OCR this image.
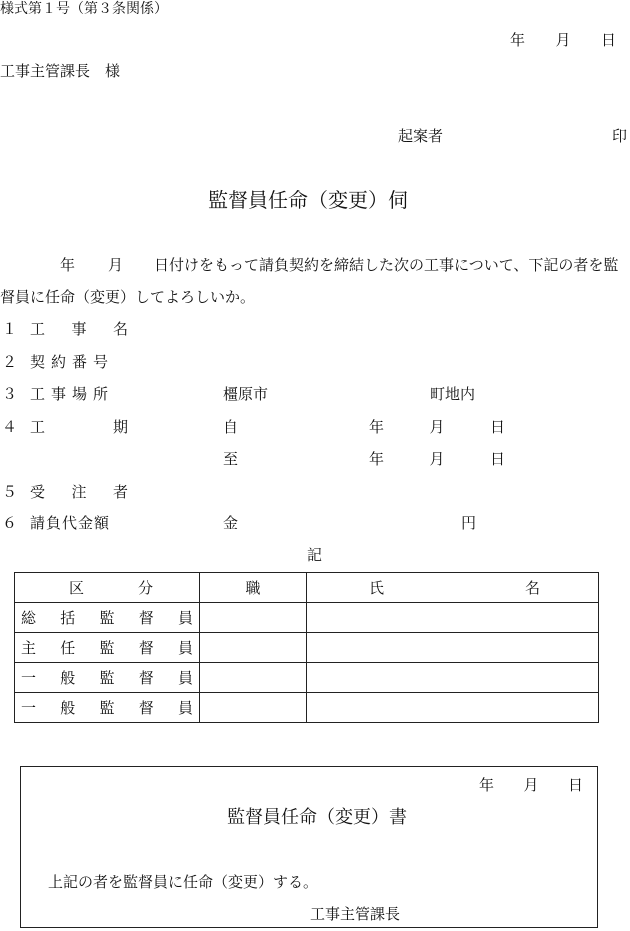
様式第１号（第３条関係）
年 月 日
工事主管課長　様
起案者	印
監督員任命（変更）伺
年 月 日付けをもって請負契約を締結した次の工事について、下記の者を監
督員に任命（変更）してよろしいか。
１ 工 事 名
２ 契約番号
３ 工事場所	橿原市	町地内
４ 工	期	自	年	月	日
至	年	月	日
５ 受 注 者
６ 請負代金額	金	円
記
区 分	職	氏 名

総 括 監 督 員		

主 任 監 督 員		

一 般 監 督 員		

一 般 監 督 員		

年 月 日
監督員任命（変更）書
上記の者を監督員に任命（変更）する。
工事主管課長
